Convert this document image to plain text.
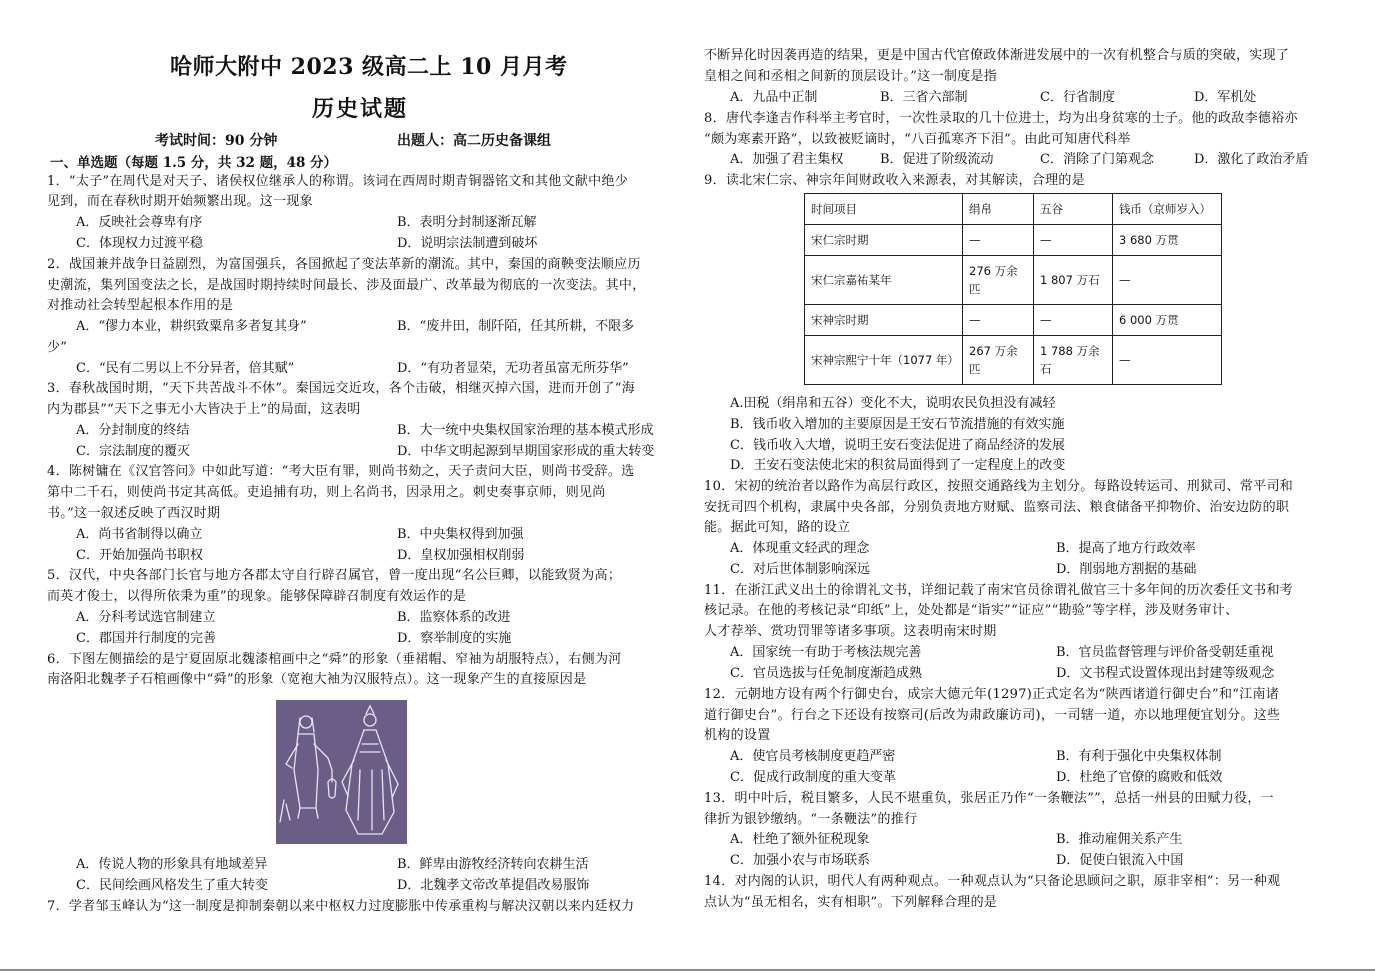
哈师大附中 2023 级高二上 10 月月考
历史试题
考试时间：90 分钟	出题人：高二历史备课组
一、单选题（每题 1.5 分，共 32 题，48 分）
1．“太子”在周代是对天子、诸侯权位继承人的称谓。该词在西周时期青铜器铭文和其他文献中绝少
见到，而在春秋时期开始频繁出现。这一现象
A．反映社会尊卑有序	B．表明分封制逐渐瓦解
C．体现权力过渡平稳	D．说明宗法制遭到破坏
2．战国兼并战争日益剧烈，为富国强兵，各国掀起了变法革新的潮流。其中，秦国的商鞅变法顺应历
史潮流，集列国变法之长，是战国时期持续时间最长、涉及面最广、改革最为彻底的一次变法。其中，
对推动社会转型起根本作用的是
A．“僇力本业，耕织致粟帛多者复其身”	B．“废井田，制阡陌，任其所耕，不限多
少”
C．“民有二男以上不分异者，倍其赋”	D．“有功者显荣，无功者虽富无所芬华”
3．春秋战国时期，“天下共苦战斗不休”。秦国远交近攻，各个击破，相继灭掉六国，进而开创了“海
内为郡县”“天下之事无小大皆决于上”的局面，这表明
A．分封制度的终结	B．大一统中央集权国家治理的基本模式形成
C．宗法制度的覆灭	D．中华文明起源到早期国家形成的重大转变
4．陈树镛在《汉官答问》中如此写道：“考大臣有罪，则尚书劾之，天子责问大臣，则尚书受辞。选
第中二千石，则使尚书定其高低。吏追捕有功，则上名尚书，因录用之。刺史奏事京师，则见尚
书。”这一叙述反映了西汉时期
A．尚书省制得以确立	B．中央集权得到加强
C．开始加强尚书职权	D．皇权加强相权削弱
5．汉代，中央各部门长官与地方各郡太守自行辟召属官，曾一度出现“名公巨卿，以能致贤为高；
而英才俊士，以得所依秉为重”的现象。能够保障辟召制度有效运作的是
A．分科考试选官制建立	B．监察体系的改进
C．郡国并行制度的完善	D．察举制度的实施
6．下图左侧描绘的是宁夏固原北魏漆棺画中之“舜”的形象（垂裙帽、窄袖为胡服特点），右侧为河
南洛阳北魏孝子石棺画像中“舜”的形象（宽袍大袖为汉服特点）。这一现象产生的直接原因是
A．传说人物的形象具有地域差异	B．鲜卑由游牧经济转向农耕生活
C．民间绘画风格发生了重大转变	D．北魏孝文帝改革提倡改易服饰
7．学者邹玉峰认为“这一制度是抑制秦朝以来中枢权力过度膨胀中传承重构与解决汉朝以来内廷权力
不断异化时因袭再造的结果，更是中国古代官僚政体渐进发展中的一次有机整合与质的突破，实现了
皇相之间和丞相之间新的顶层设计。”这一制度是指
A．九品中正制	B．三省六部制	C．行省制度	D．军机处
8．唐代李逢吉作科举主考官时，一次性录取的几十位进士，均为出身贫寒的士子。他的政敌李德裕亦
“颇为寒素开路”，以致被贬谪时，“八百孤寒齐下泪”。由此可知唐代科举
A．加强了君主集权	B．促进了阶级流动	C．消除了门第观念	D．激化了政治矛盾
9．读北宋仁宗、神宗年间财政收入来源表，对其解读，合理的是
时间项目	绢帛	五谷	钱币（京师岁入）
宋仁宗时期	—	—	3 680 万贯
宋仁宗嘉祐某年	276 万余匹	1 807 万石	—
宋神宗时期	—	—	6 000 万贯
宋神宗熙宁十年（1077 年）	267 万余匹	1 788 万余石	—
A.田税（绢帛和五谷）变化不大，说明农民负担没有减轻
B．钱币收入增加的主要原因是王安石节流措施的有效实施
C．钱币收入大增，说明王安石变法促进了商品经济的发展
D．王安石变法使北宋的积贫局面得到了一定程度上的改变
10．宋初的统治者以路作为高层行政区，按照交通路线为主划分。每路设转运司、刑狱司、常平司和
安抚司四个机构，隶属中央各部，分别负责地方财赋、监察司法、粮食储备平抑物价、治安边防的职
能。据此可知，路的设立
A．体现重文轻武的理念	B．提高了地方行政效率
C．对后世体制影响深远	D．削弱地方割据的基础
11．在浙江武义出土的徐谓礼文书，详细记载了南宋官员徐谓礼做官三十多年间的历次委任文书和考
核记录。在他的考核记录“印纸”上，处处都是“诣实”“证应”“勘验”等字样，涉及财务审计、
人才荐举、赏功罚罪等诸多事项。这表明南宋时期
A．国家统一有助于考核法规完善	B．官员监督管理与评价备受朝廷重视
C．官员选拔与任免制度渐趋成熟	D．文书程式设置体现出封建等级观念
12．元朝地方设有两个行御史台，成宗大德元年(1297)正式定名为“陕西诸道行御史台”和“江南诸
道行御史台”。行台之下还设有按察司(后改为肃政廉访司)，一司辖一道，亦以地理便宜划分。这些
机构的设置
A．使官员考核制度更趋严密	B．有利于强化中央集权体制
C．促成行政制度的重大变革	D．杜绝了官僚的腐败和低效
13．明中叶后，税目繁多，人民不堪重负，张居正乃作“一条鞭法””，总括一州县的田赋力役，一
律折为银钞缴纳。“一条鞭法”的推行
A．杜绝了额外征税现象	B．推动雇佣关系产生
C．加强小农与市场联系	D．促使白银流入中国
14．对内阁的认识，明代人有两种观点。一种观点认为“只备论思顾问之职，原非宰相”：另一种观
点认为“虽无相名，实有相职”。下列解释合理的是
